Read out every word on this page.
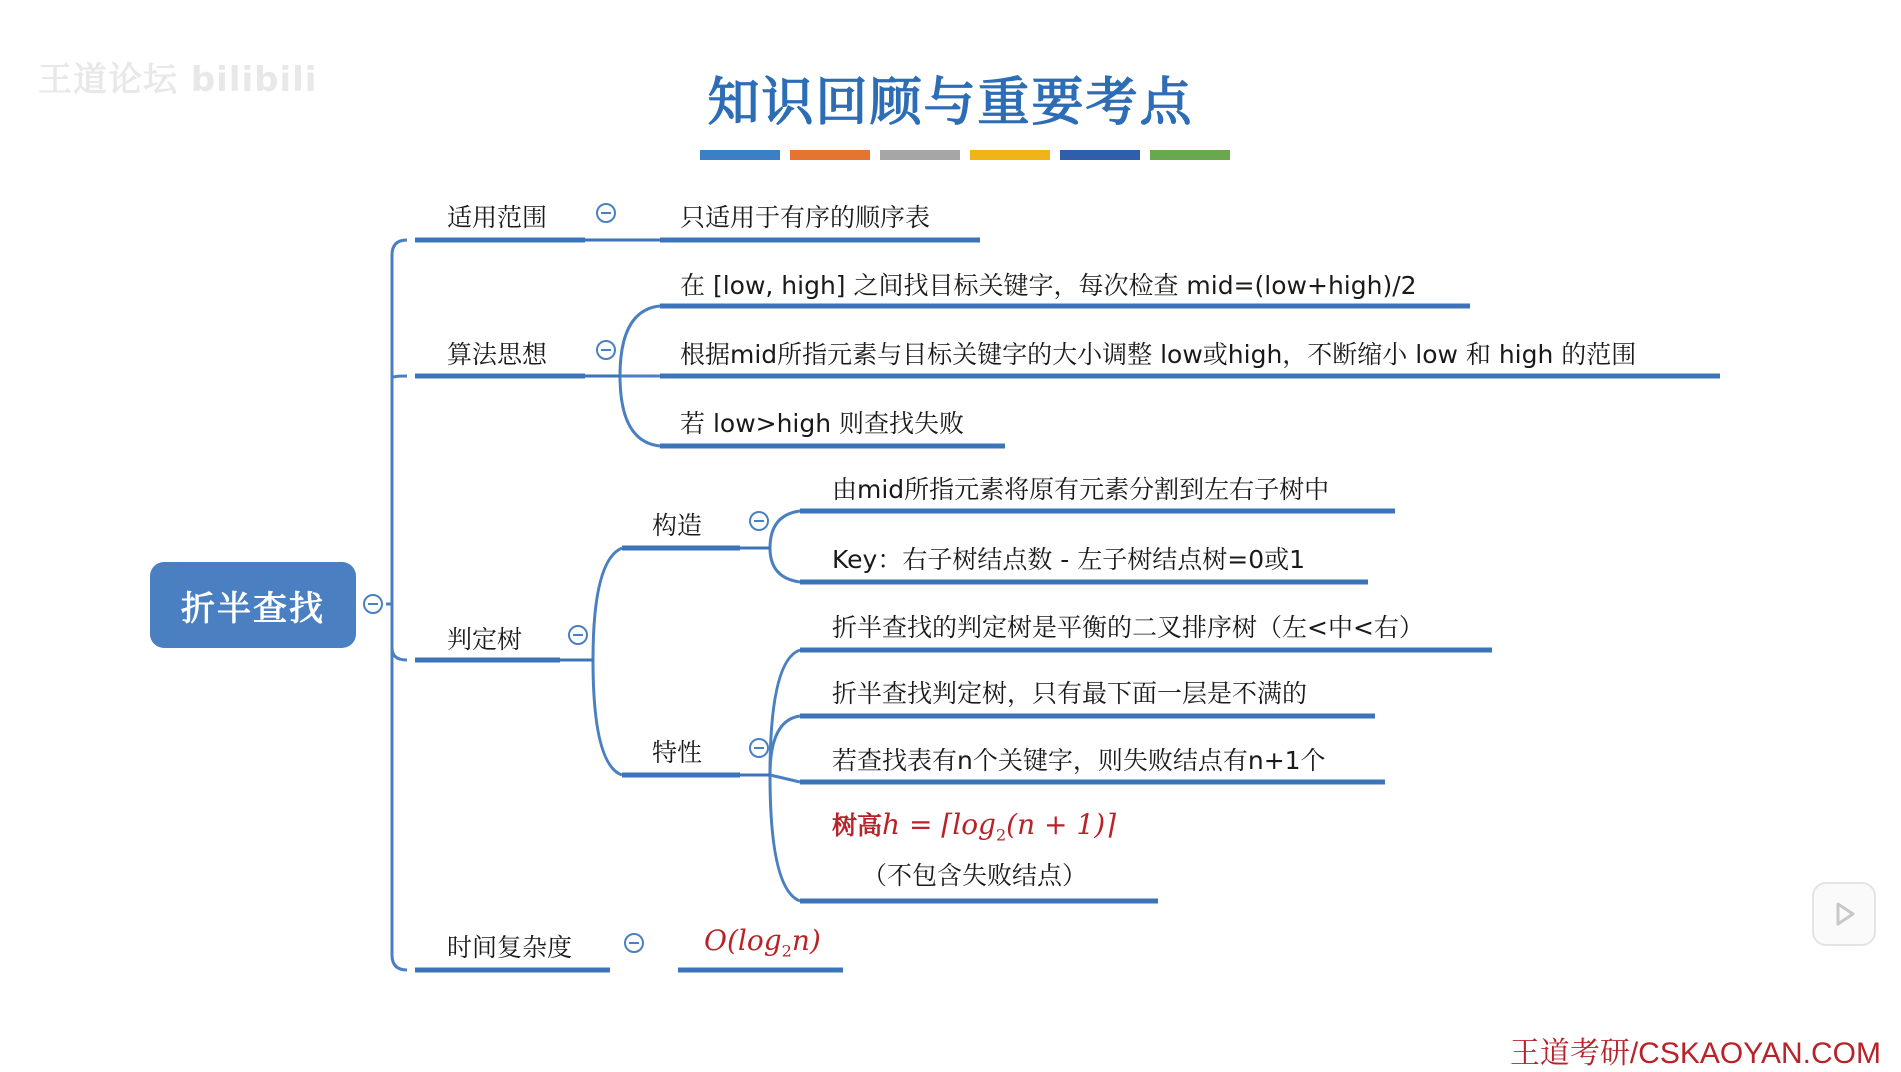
王道论坛 bilibili	知识回顾与重要考点
折半查找
适用范围	只适用于有序的顺序表
算法思想
在 [low, high] 之间找目标关键字，每次检查 mid=(low+high)/2
根据mid所指元素与目标关键字的大小调整 low或high，不断缩小 low 和 high 的范围
若 low>high 则查找失败
判定树
构造
由mid所指元素将原有元素分割到左右子树中
Key：右子树结点数 - 左子树结点树=0或1
特性
折半查找的判定树是平衡的二叉排序树（左<中<右）
折半查找判定树，只有最下面一层是不满的
若查找表有n个关键字，则失败结点有n+1个
树高$h = ⌈\log_2(n$ + 1)⌉
（不包含失败结点）
时间复杂度	$O(\log_2n)$
王道考研/CSKAOYAN.COM
